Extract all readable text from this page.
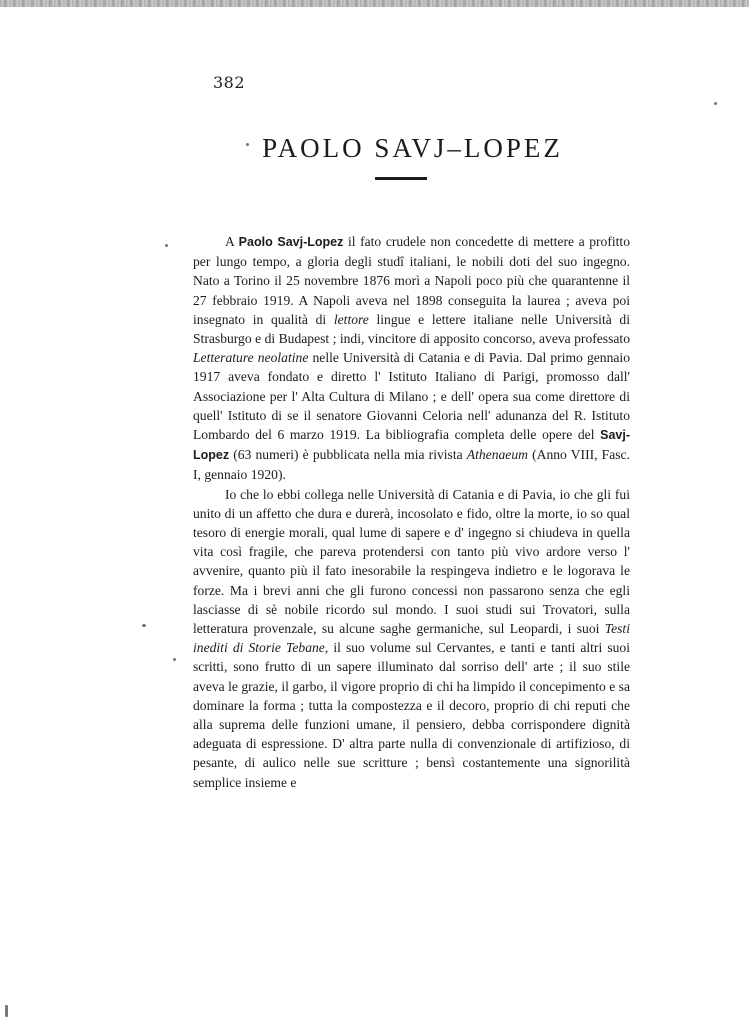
382
PAOLO SAVJ–LOPEZ

A Paolo Savj-Lopez il fato crudele non concedette di mettere a profitto per lungo tempo, a gloria degli studî italiani, le nobili doti del suo ingegno. Nato a Torino il 25 novembre 1876 morì a Napoli poco più che quarantenne il 27 febbraio 1919. A Napoli aveva nel 1898 conseguita la laurea ; aveva poi insegnato in qualità di lettore lingue e lettere italiane nelle Università di Strasburgo e di Budapest ; indi, vincitore di apposito concorso, aveva professato Letterature neolatine nelle Università di Catania e di Pavia. Dal primo gennaio 1917 aveva fondato e diretto l' Istituto Italiano di Parigi, promosso dall' Associazione per l' Alta Cultura di Milano ; e dell' opera sua come direttore di quell' Istituto di se il senatore Giovanni Celoria nell' adunanza del R. Istituto Lombardo del 6 marzo 1919. La bibliografia completa delle opere del Savj-Lopez (63 numeri) è pubblicata nella mia rivista Athenaeum (Anno VIII, Fasc. I, gennaio 1920).

Io che lo ebbi collega nelle Università di Catania e di Pavia, io che gli fui unito di un affetto che dura e durerà, incosolato e fido, oltre la morte, io so qual tesoro di energie morali, qual lume di sapere e d' ingegno si chiudeva in quella vita così fragile, che pareva protendersi con tanto più vivo ardore verso l' avvenire, quanto più il fato inesorabile la respingeva indietro e le logorava le forze. Ma i brevi anni che gli furono concessi non passarono senza che egli lasciasse di sè nobile ricordo sul mondo. I suoi studi sui Trovatori, sulla letteratura provenzale, su alcune saghe germaniche, sul Leopardi, i suoi Testi inediti di Storie Tebane, il suo volume sul Cervantes, e tanti e tanti altri suoi scritti, sono frutto di un sapere illuminato dal sorriso dell' arte ; il suo stile aveva le grazie, il garbo, il vigore proprio di chi ha limpido il concepimento e sa dominare la forma ; tutta la compostezza e il decoro, proprio di chi reputi che alla suprema delle funzioni umane, il pensiero, debba corrispondere dignità adeguata di espressione. D' altra parte nulla di convenzionale di artifizioso, di pesante, di aulico nelle sue scritture ; bensì costantemente una signorilità semplice insieme e
